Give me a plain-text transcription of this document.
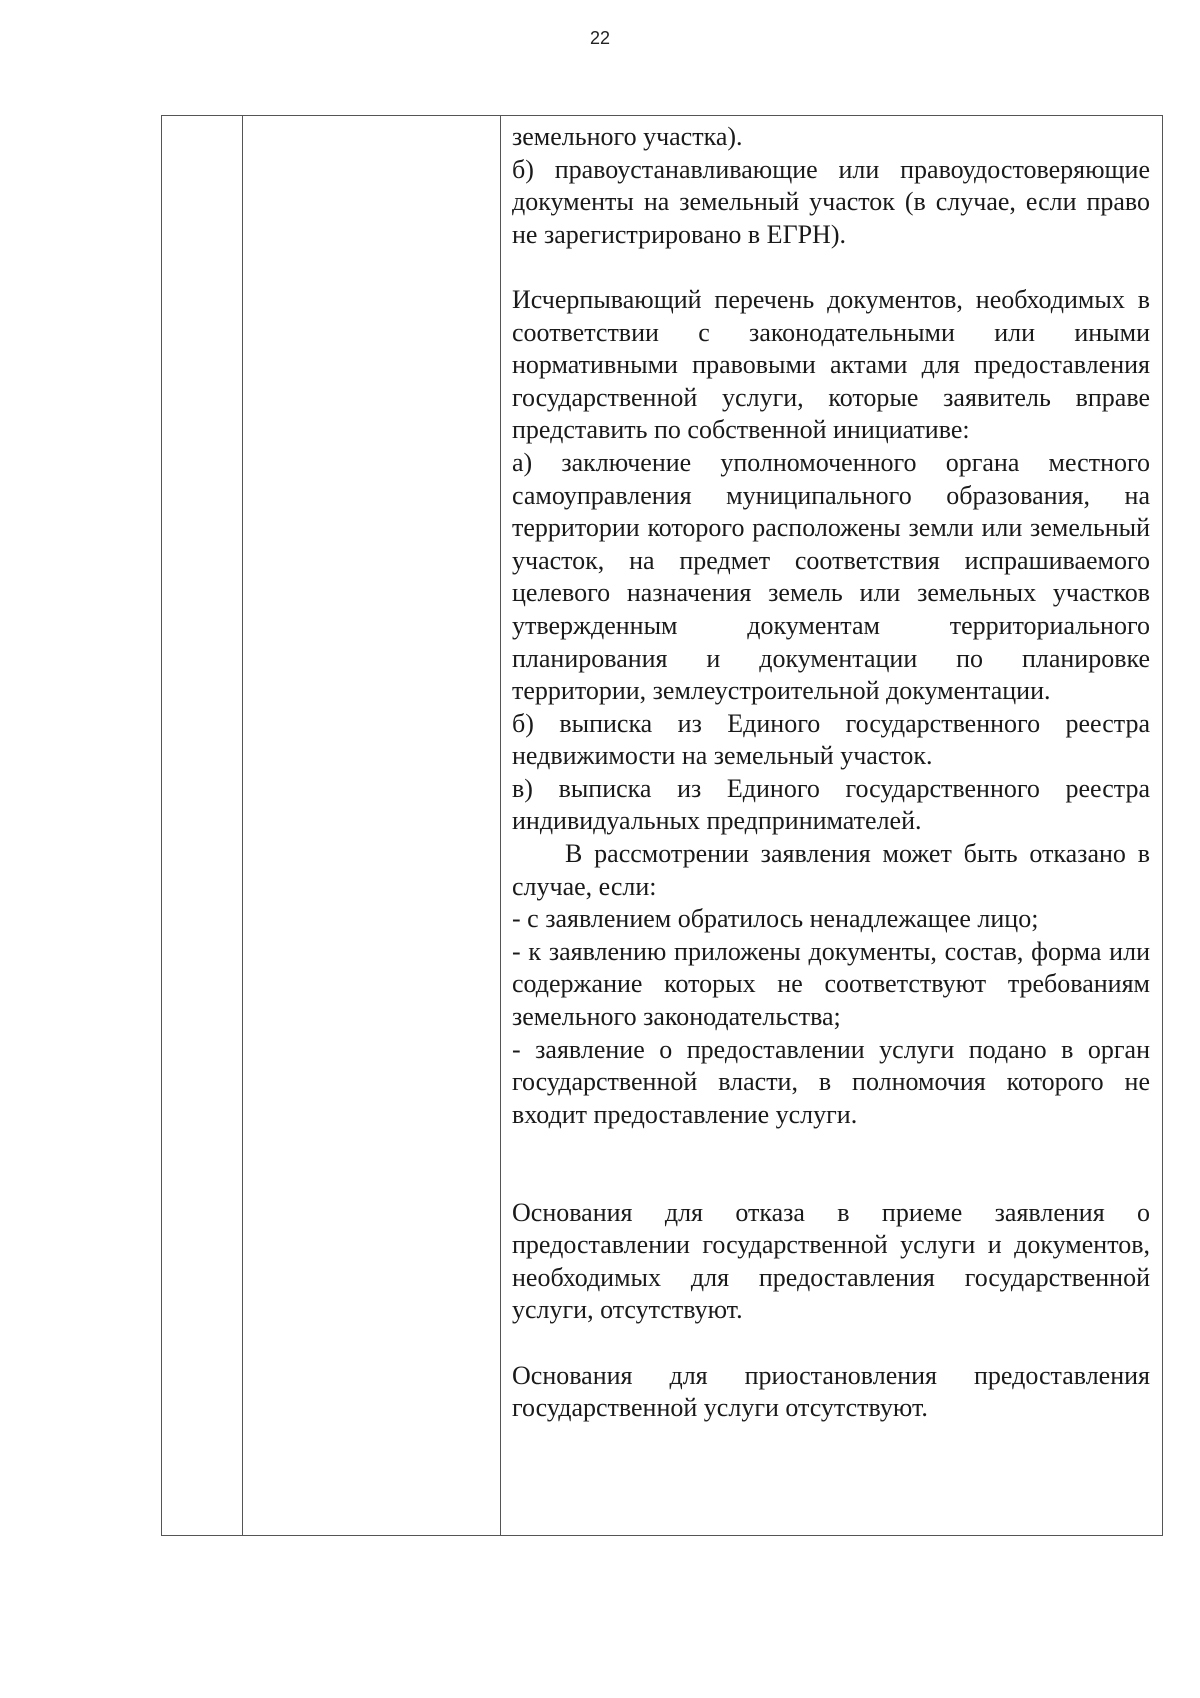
22

земельного участка).

б) правоустанавливающие или правоудостоверяющие документы на земельный участок (в случае, если право не зарегистрировано в ЕГРН).

Исчерпывающий перечень документов, необходимых в соответствии с законодательными или иными нормативными правовыми актами для предоставления государственной услуги, которые заявитель вправе представить по собственной инициативе:

а) заключение уполномоченного органа местного самоуправления муниципального образования, на территории которого расположены земли или земельный участок, на предмет соответствия испрашиваемого целевого назначения земель или земельных участков утвержденным документам территориального планирования и документации по планировке территории, землеустроительной документации.

б) выписка из Единого государственного реестра недвижимости на земельный участок.

в) выписка из Единого государственного реестра индивидуальных предпринимателей.

В рассмотрении заявления может быть отказано в случае, если:

- с заявлением обратилось ненадлежащее лицо;

- к заявлению приложены документы, состав, форма или содержание которых не соответствуют требованиям земельного законодательства;

- заявление о предоставлении услуги подано в орган государственной власти, в полномочия которого не входит предоставление услуги.

Основания для отказа в приеме заявления о предоставлении государственной услуги и документов, необходимых для предоставления государственной услуги, отсутствуют.

Основания для приостановления предоставления государственной услуги отсутствуют.
